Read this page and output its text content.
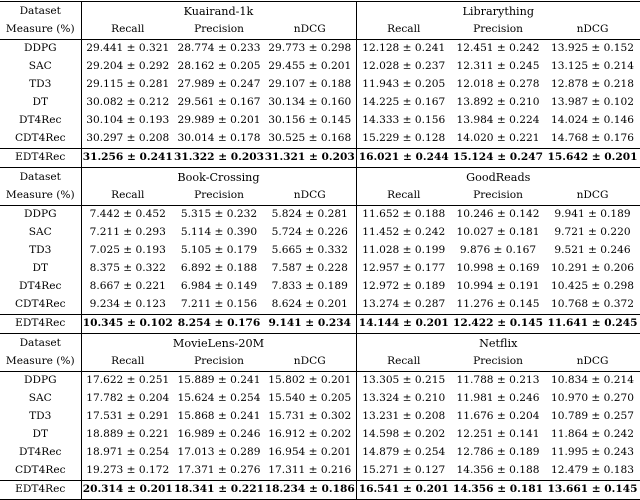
Dataset	Kuairand-1k			Librarything		
Measure (%)	Recall	Precision	nDCG	Recall	Precision	nDCG
DDPG	29.441 ± 0.321	28.774 ± 0.233	29.773 ± 0.298	12.128 ± 0.241	12.451 ± 0.242	13.925 ± 0.152
SAC	29.204 ± 0.292	28.162 ± 0.205	29.455 ± 0.201	12.028 ± 0.237	12.311 ± 0.245	13.125 ± 0.214
TD3	29.115 ± 0.281	27.989 ± 0.247	29.107 ± 0.188	11.943 ± 0.205	12.018 ± 0.278	12.878 ± 0.218
DT	30.082 ± 0.212	29.561 ± 0.167	30.134 ± 0.160	14.225 ± 0.167	13.892 ± 0.210	13.987 ± 0.102
DT4Rec	30.104 ± 0.193	29.989 ± 0.201	30.156 ± 0.145	14.333 ± 0.156	13.984 ± 0.224	14.024 ± 0.146
CDT4Rec	30.297 ± 0.208	30.014 ± 0.178	30.525 ± 0.168	15.229 ± 0.128	14.020 ± 0.221	14.768 ± 0.176
EDT4Rec	31.256 ± 0.241	31.322 ± 0.203	31.321 ± 0.203	16.021 ± 0.244	15.124 ± 0.247	15.642 ± 0.201
Dataset	Book-Crossing			GoodReads		
Measure (%)	Recall	Precision	nDCG	Recall	Precision	nDCG
DDPG	7.442 ± 0.452	5.315 ± 0.232	5.824 ± 0.281	11.652 ± 0.188	10.246 ± 0.142	9.941 ± 0.189
SAC	7.211 ± 0.293	5.114 ± 0.390	5.724 ± 0.226	11.452 ± 0.242	10.027 ± 0.181	9.721 ± 0.220
TD3	7.025 ± 0.193	5.105 ± 0.179	5.665 ± 0.332	11.028 ± 0.199	9.876 ± 0.167	9.521 ± 0.246
DT	8.375 ± 0.322	6.892 ± 0.188	7.587 ± 0.228	12.957 ± 0.177	10.998 ± 0.169	10.291 ± 0.206
DT4Rec	8.667 ± 0.221	6.984 ± 0.149	7.833 ± 0.189	12.972 ± 0.189	10.994 ± 0.191	10.425 ± 0.298
CDT4Rec	9.234 ± 0.123	7.211 ± 0.156	8.624 ± 0.201	13.274 ± 0.287	11.276 ± 0.145	10.768 ± 0.372
EDT4Rec	10.345 ± 0.102	8.254 ± 0.176	9.141 ± 0.234	14.144 ± 0.201	12.422 ± 0.145	11.641 ± 0.245
Dataset	MovieLens-20M			Netflix		
Measure (%)	Recall	Precision	nDCG	Recall	Precision	nDCG
DDPG	17.622 ± 0.251	15.889 ± 0.241	15.802 ± 0.201	13.305 ± 0.215	11.788 ± 0.213	10.834 ± 0.214
SAC	17.782 ± 0.204	15.624 ± 0.254	15.540 ± 0.205	13.324 ± 0.210	11.981 ± 0.246	10.970 ± 0.270
TD3	17.531 ± 0.291	15.868 ± 0.241	15.731 ± 0.302	13.231 ± 0.208	11.676 ± 0.204	10.789 ± 0.257
DT	18.889 ± 0.221	16.989 ± 0.246	16.912 ± 0.202	14.598 ± 0.202	12.251 ± 0.141	11.864 ± 0.242
DT4Rec	18.971 ± 0.254	17.013 ± 0.289	16.954 ± 0.201	14.879 ± 0.254	12.786 ± 0.189	11.995 ± 0.243
CDT4Rec	19.273 ± 0.172	17.371 ± 0.276	17.311 ± 0.216	15.271 ± 0.127	14.356 ± 0.188	12.479 ± 0.183
EDT4Rec	20.314 ± 0.201	18.341 ± 0.221	18.234 ± 0.186	16.541 ± 0.201	14.356 ± 0.181	13.661 ± 0.145
